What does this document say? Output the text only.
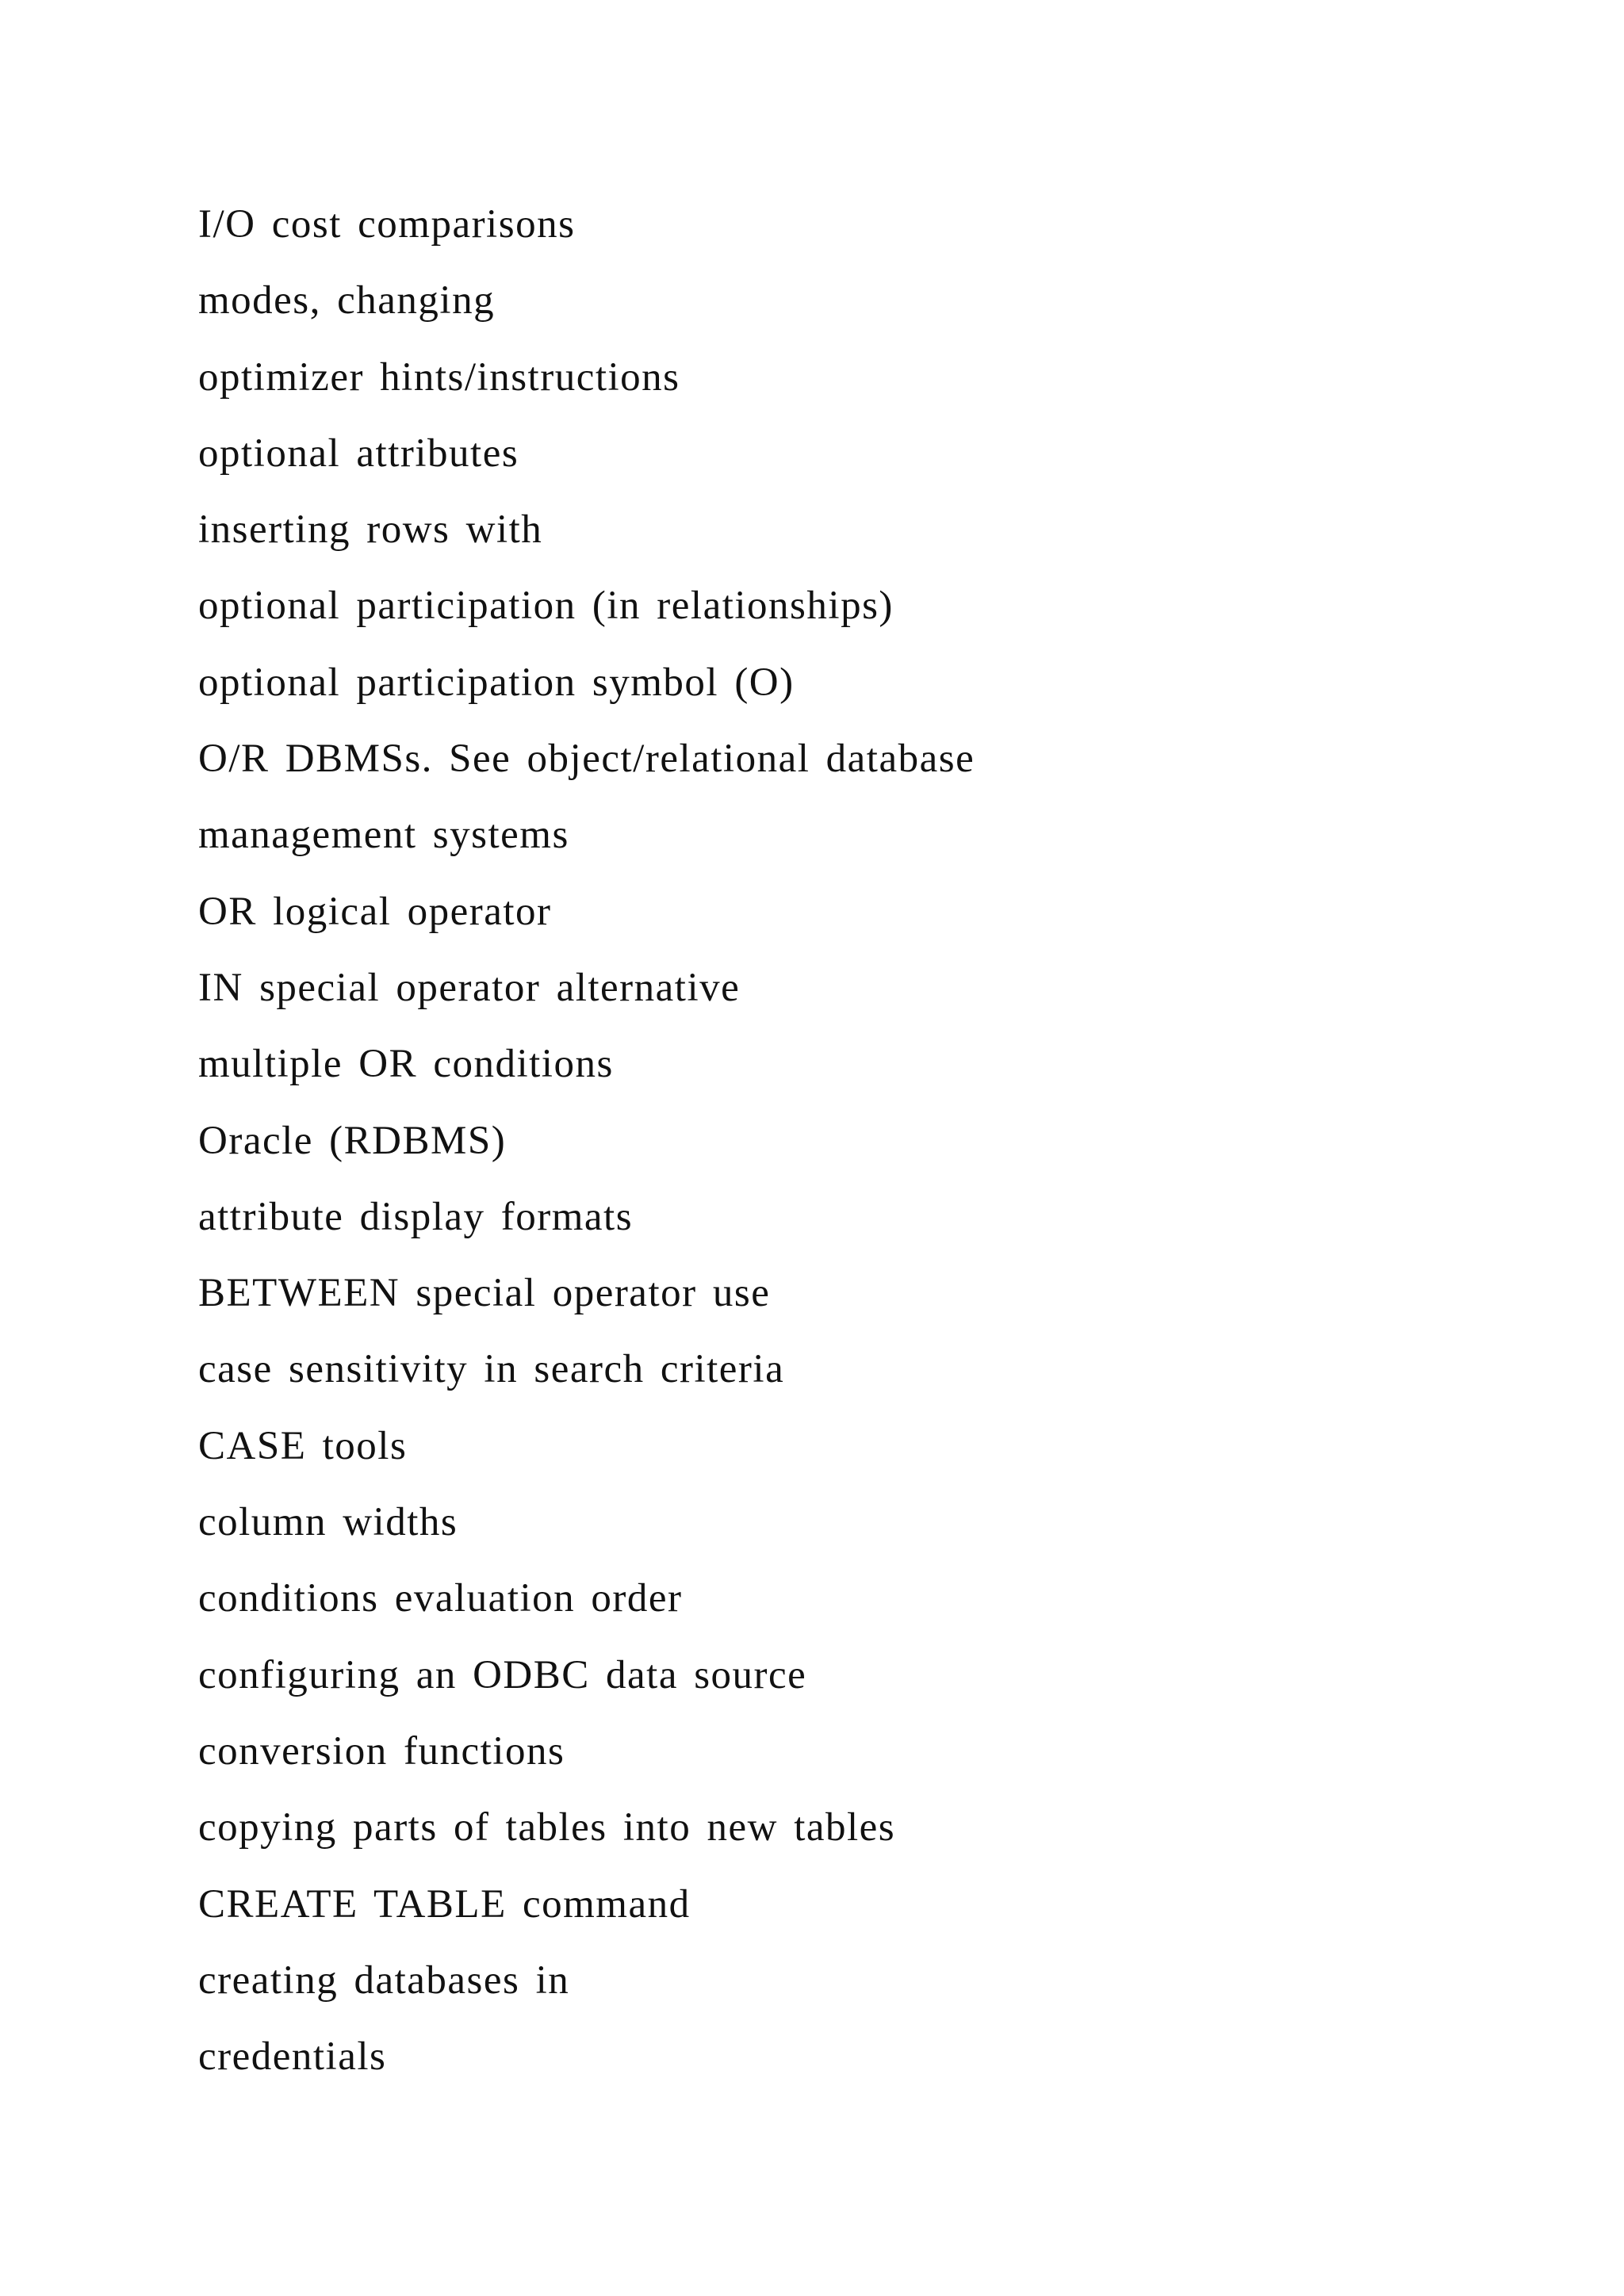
I/O cost comparisons
modes, changing
optimizer hints/instructions
optional attributes
inserting rows with
optional participation (in relationships)
optional participation symbol (O)
O/R DBMSs. See object/relational database
management systems
OR logical operator
IN special operator alternative
multiple OR conditions
Oracle (RDBMS)
attribute display formats
BETWEEN special operator use
case sensitivity in search criteria
CASE tools
column widths
conditions evaluation order
configuring an ODBC data source
conversion functions
copying parts of tables into new tables
CREATE TABLE command
creating databases in
credentials
